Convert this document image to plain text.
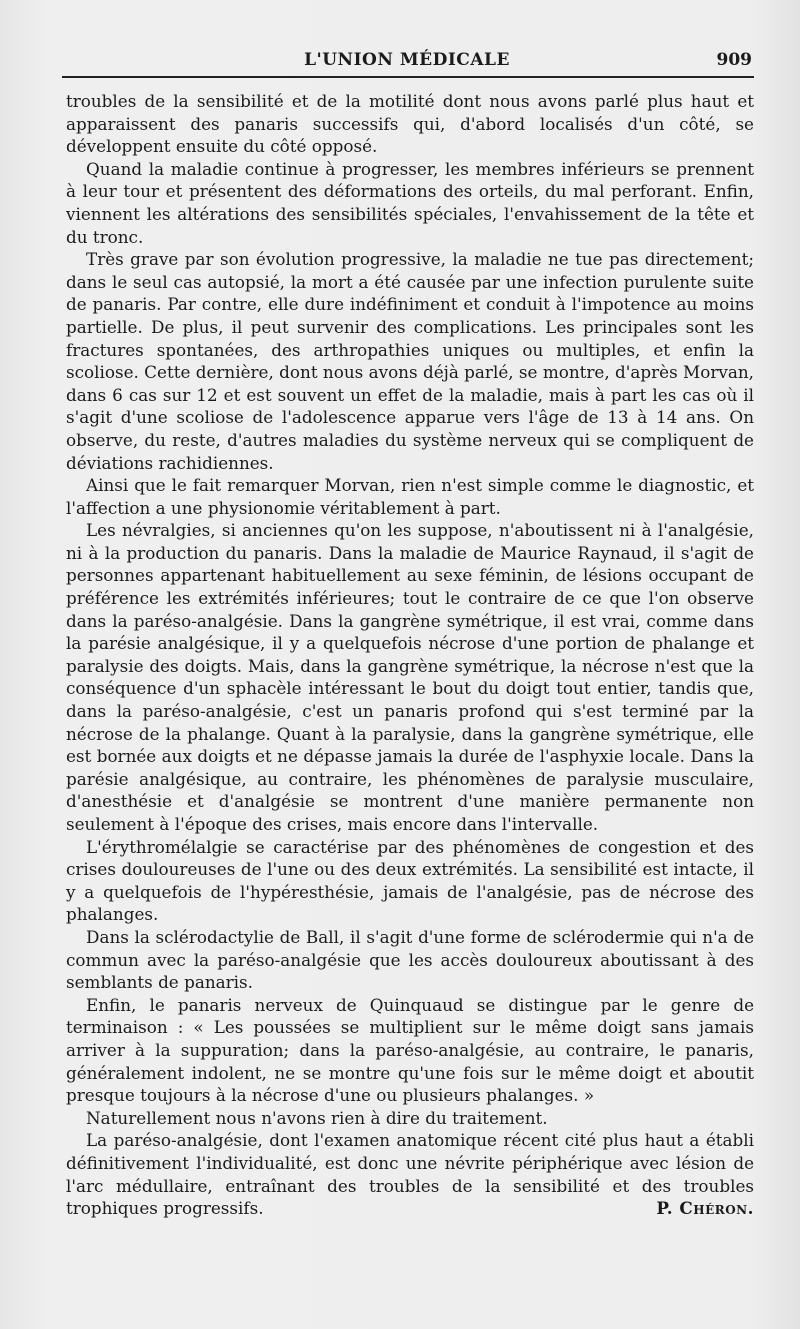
L'UNION MÉDICALE	909

troubles de la sensibilité et de la motilité dont nous avons parlé plus haut et apparaissent des panaris successifs qui, d'abord localisés d'un côté, se développent ensuite du côté opposé.

Quand la maladie continue à progresser, les membres inférieurs se prennent à leur tour et présentent des déformations des orteils, du mal perforant. Enfin, viennent les altérations des sensibilités spéciales, l'envahissement de la tête et du tronc.

Très grave par son évolution progressive, la maladie ne tue pas directement; dans le seul cas autopsié, la mort a été causée par une infection purulente suite de panaris. Par contre, elle dure indéfiniment et conduit à l'impotence au moins partielle. De plus, il peut survenir des complications. Les principales sont les fractures spontanées, des arthropathies uniques ou multiples, et enfin la scoliose. Cette dernière, dont nous avons déjà parlé, se montre, d'après Morvan, dans 6 cas sur 12 et est souvent un effet de la maladie, mais à part les cas où il s'agit d'une scoliose de l'adolescence apparue vers l'âge de 13 à 14 ans. On observe, du reste, d'autres maladies du système nerveux qui se compliquent de déviations rachidiennes.

Ainsi que le fait remarquer Morvan, rien n'est simple comme le diagnostic, et l'affection a une physionomie véritablement à part.

Les névralgies, si anciennes qu'on les suppose, n'aboutissent ni à l'analgésie, ni à la production du panaris. Dans la maladie de Maurice Raynaud, il s'agit de personnes appartenant habituellement au sexe féminin, de lésions occupant de préférence les extrémités inférieures; tout le contraire de ce que l'on observe dans la paréso-analgésie. Dans la gangrène symétrique, il est vrai, comme dans la parésie analgésique, il y a quelquefois nécrose d'une portion de phalange et paralysie des doigts. Mais, dans la gangrène symétrique, la nécrose n'est que la conséquence d'un sphacèle intéressant le bout du doigt tout entier, tandis que, dans la paréso-analgésie, c'est un panaris profond qui s'est terminé par la nécrose de la phalange. Quant à la paralysie, dans la gangrène symétrique, elle est bornée aux doigts et ne dépasse jamais la durée de l'asphyxie locale. Dans la parésie analgésique, au contraire, les phénomènes de paralysie musculaire, d'anesthésie et d'analgésie se montrent d'une manière permanente non seulement à l'époque des crises, mais encore dans l'intervalle.

L'érythromélalgie se caractérise par des phénomènes de congestion et des crises douloureuses de l'une ou des deux extrémités. La sensibilité est intacte, il y a quelquefois de l'hypéresthésie, jamais de l'analgésie, pas de nécrose des phalanges.

Dans la sclérodactylie de Ball, il s'agit d'une forme de sclérodermie qui n'a de commun avec la paréso-analgésie que les accès douloureux aboutissant à des semblants de panaris.

Enfin, le panaris nerveux de Quinquaud se distingue par le genre de terminaison : « Les poussées se multiplient sur le même doigt sans jamais arriver à la suppuration; dans la paréso-analgésie, au contraire, le panaris, généralement indolent, ne se montre qu'une fois sur le même doigt et aboutit presque toujours à la nécrose d'une ou plusieurs phalanges. »

Naturellement nous n'avons rien à dire du traitement.

La paréso-analgésie, dont l'examen anatomique récent cité plus haut a établi définitivement l'individualité, est donc une névrite périphérique avec lésion de l'arc médullaire, entraînant des troubles de la sensibilité et des troubles trophiques progressifs.	P. Chéron.
